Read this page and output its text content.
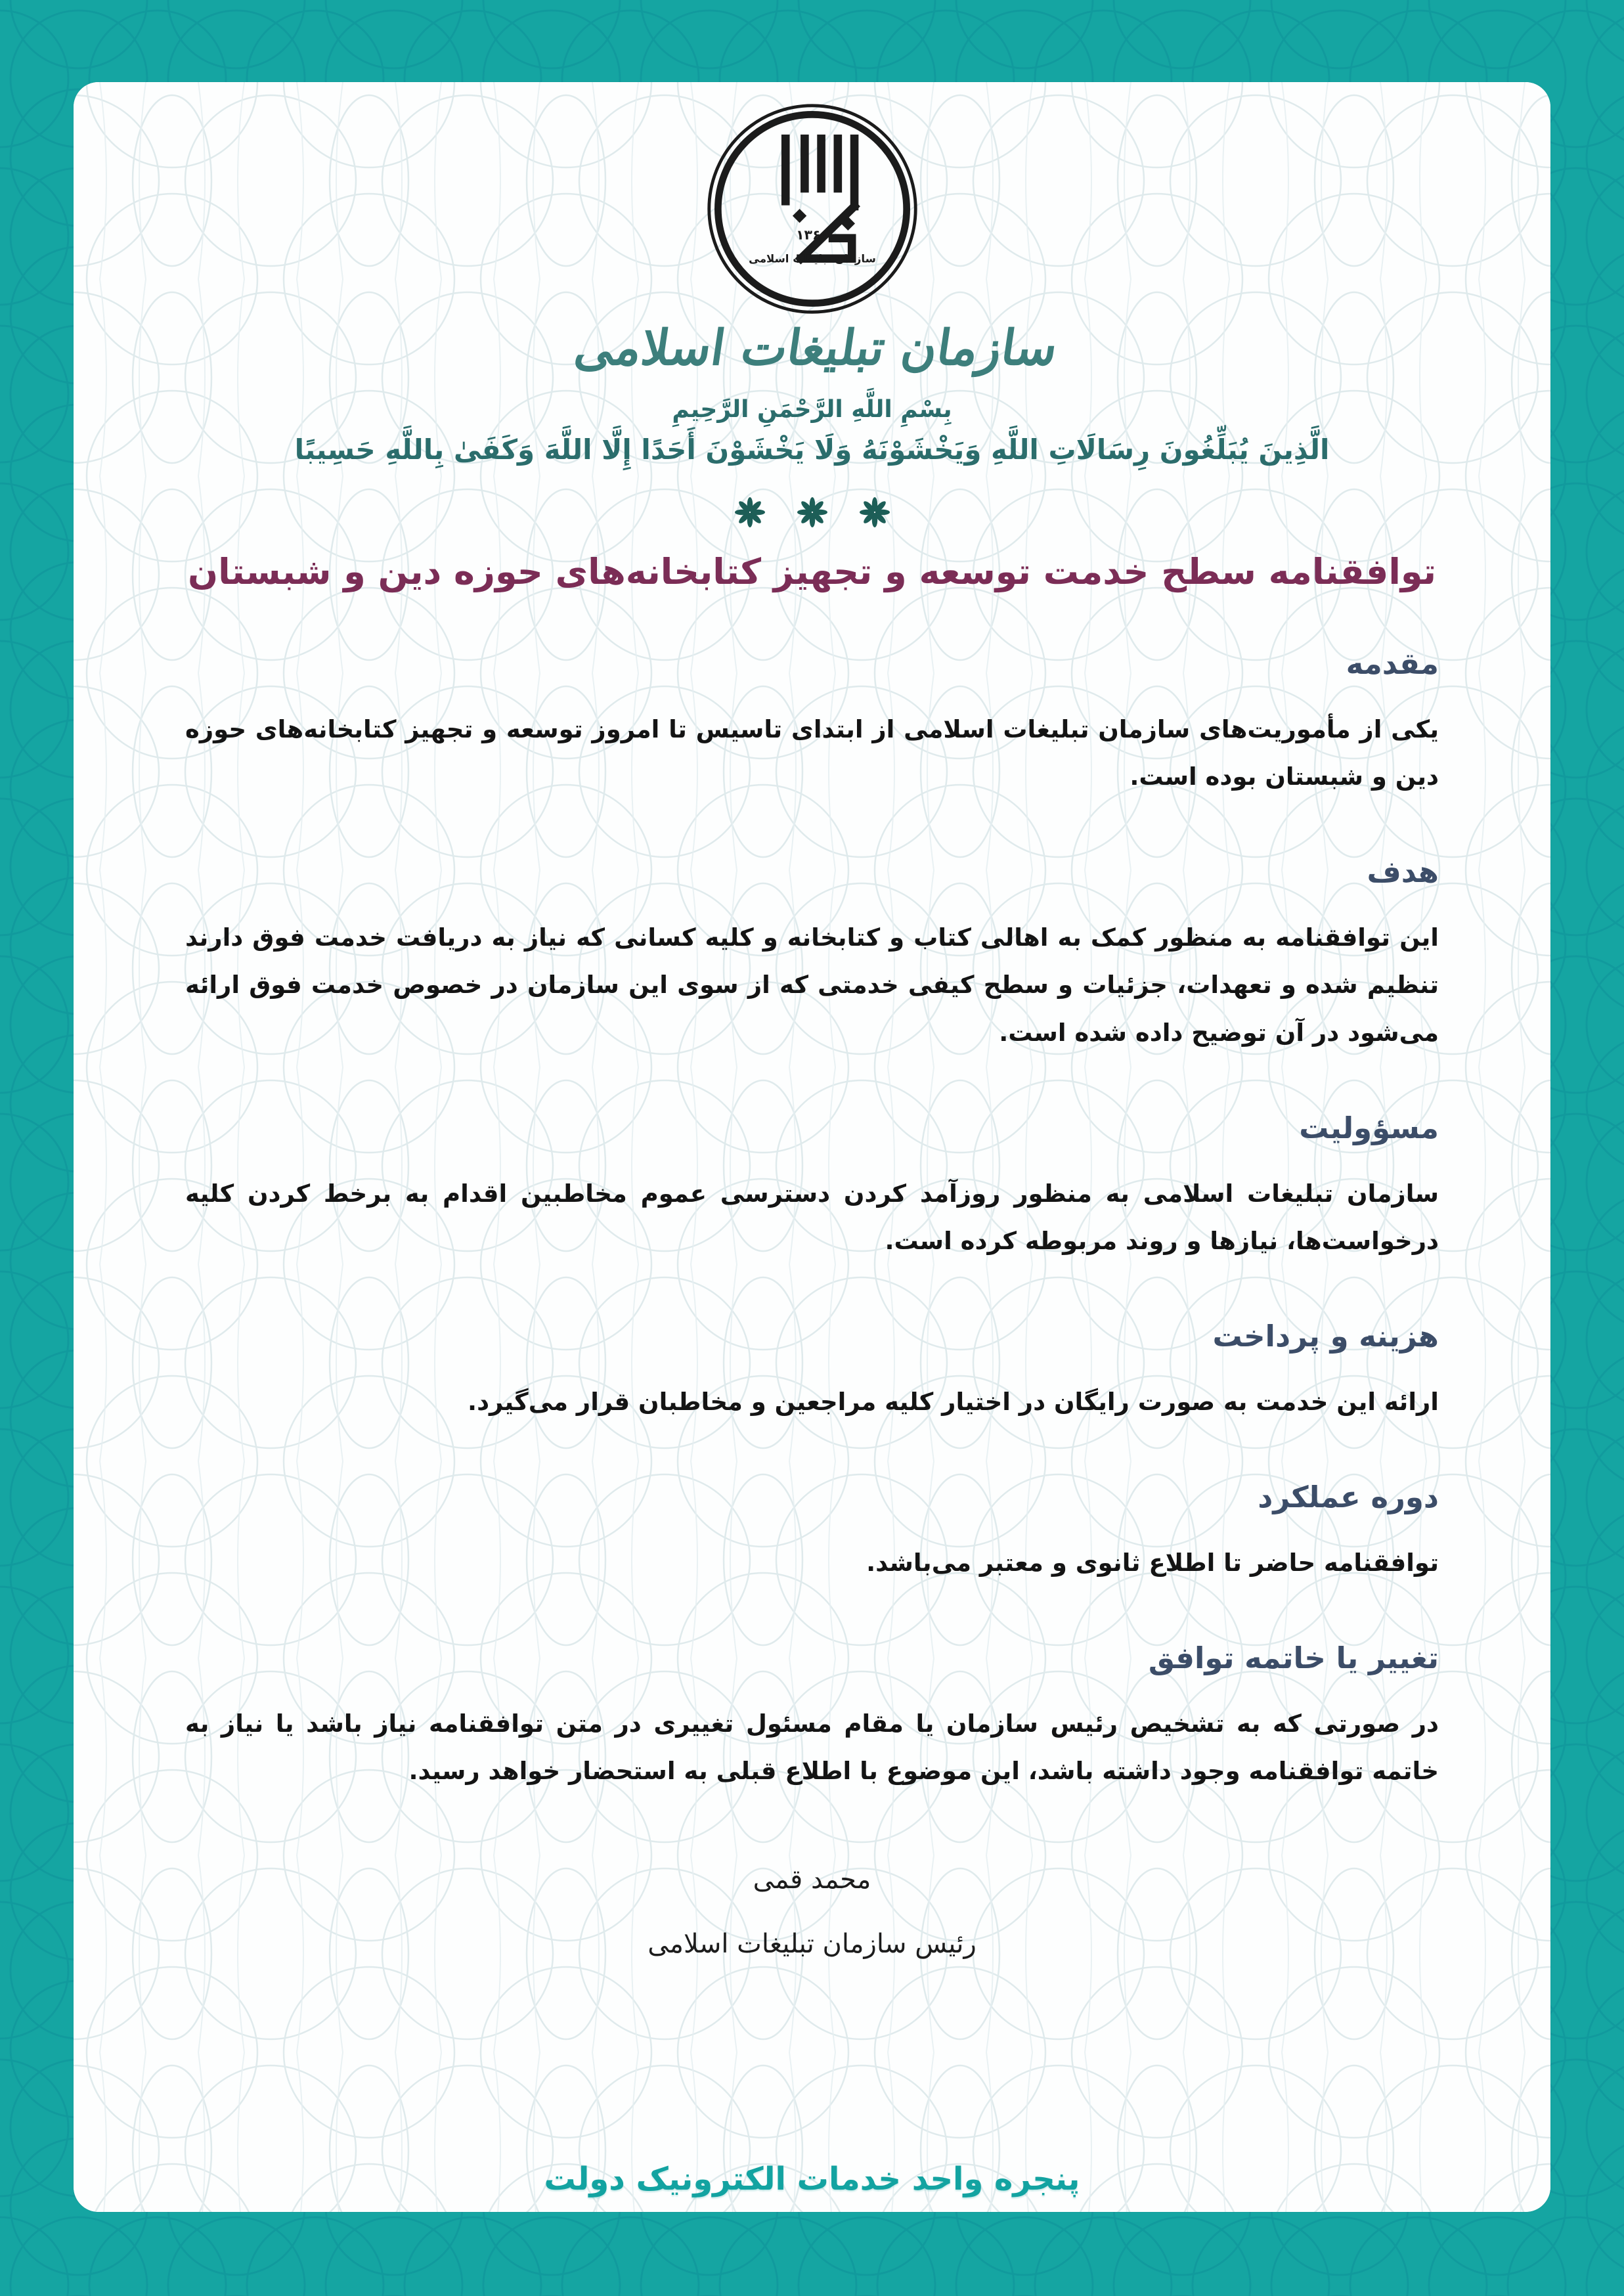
۱۳۶۰
سازمان تبلیغات اسلامی
سازمان تبلیغات اسلامی
بِسْمِ اللَّهِ الرَّحْمَنِ الرَّحِيمِ
الَّذِينَ يُبَلِّغُونَ رِسَالَاتِ اللَّهِ وَيَخْشَوْنَهُ وَلَا يَخْشَوْنَ أَحَدًا إِلَّا اللَّهَ وَكَفَىٰ بِاللَّهِ حَسِيبًا
توافقنامه سطح خدمت توسعه و تجهیز کتابخانه‌های حوزه دین و شبستان
مقدمه

یکی از مأموریت‌های سازمان تبلیغات اسلامی از ابتدای تاسیس تا امروز توسعه و تجهیز کتابخانه‌های حوزه دین و شبستان بوده است.

هدف

این توافقنامه به منظور کمک به اهالی کتاب و کتابخانه و کلیه کسانی که نیاز به دریافت خدمت فوق دارند تنظیم شده و تعهدات، جزئیات و سطح کیفی خدمتی که از سوی این سازمان در خصوص خدمت فوق ارائه می‌شود در آن توضیح داده شده است.

مسؤولیت

سازمان تبلیغات اسلامی به منظور روزآمد کردن دسترسی عموم مخاطبین اقدام به برخط کردن کلیه درخواست‌ها، نیازها و روند مربوطه کرده است.

هزینه و پرداخت

ارائه این خدمت به صورت رایگان در اختیار کلیه مراجعین و مخاطبان قرار می‌گیرد.

دوره عملکرد

توافقنامه حاضر تا اطلاع ثانوی و معتبر می‌باشد.

تغییر یا خاتمه توافق

در صورتی که به تشخیص رئیس سازمان یا مقام مسئول تغییری در متن توافقنامه نیاز باشد یا نیاز به خاتمه توافقنامه وجود داشته باشد، این موضوع با اطلاع قبلی به استحضار خواهد رسید.

محمد قمی
رئیس سازمان تبلیغات اسلامی
پنجره واحد خدمات الکترونیک دولت
